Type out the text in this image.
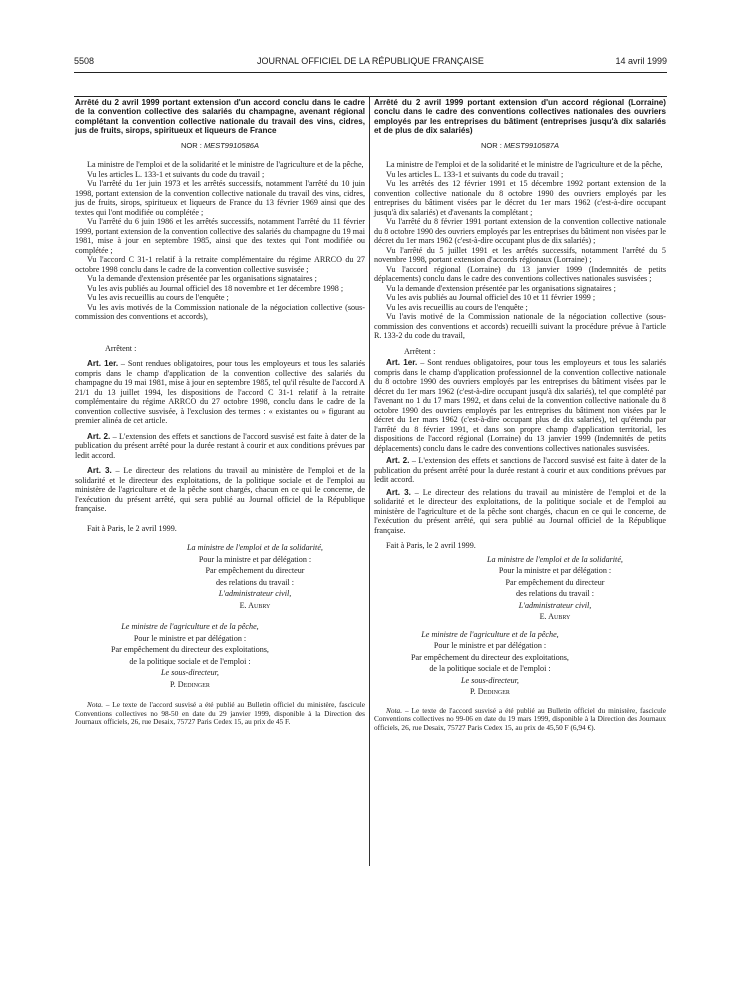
5508	JOURNAL OFFICIEL DE LA RÉPUBLIQUE FRANÇAISE	14 avril 1999
Arrêté du 2 avril 1999 portant extension d'un accord conclu dans le cadre de la convention collective des salariés du champagne, avenant régional complétant la convention collective nationale du travail des vins, cidres, jus de fruits, sirops, spiritueux et liqueurs de France
NOR : MEST9910586A

La ministre de l'emploi et de la solidarité et le ministre de l'agriculture et de la pêche,

Vu les articles L. 133-1 et suivants du code du travail ;

Vu l'arrêté du 1er juin 1973 et les arrêtés successifs, notamment l'arrêté du 10 juin 1998, portant extension de la convention collective nationale du travail des vins, cidres, jus de fruits, sirops, spiritueux et liqueurs de France du 13 février 1969 ainsi que des textes qui l'ont modifiée ou complétée ;

Vu l'arrêté du 6 juin 1986 et les arrêtés successifs, notamment l'arrêté du 11 février 1999, portant extension de la convention collective des salariés du champagne du 19 mai 1981, mise à jour en septembre 1985, ainsi que des textes qui l'ont modifiée ou complétée ;

Vu l'accord C 31-1 relatif à la retraite complémentaire du régime ARRCO du 27 octobre 1998 conclu dans le cadre de la convention collective susvisée ;

Vu la demande d'extension présentée par les organisations signataires ;

Vu les avis publiés au Journal officiel des 18 novembre et 1er décembre 1998 ;

Vu les avis recueillis au cours de l'enquête ;

Vu les avis motivés de la Commission nationale de la négociation collective (sous-commission des conventions et accords),

Arrêtent :

Art. 1er. – Sont rendues obligatoires, pour tous les employeurs et tous les salariés compris dans le champ d'application de la convention collective des salariés du champagne du 19 mai 1981, mise à jour en septembre 1985, tel qu'il résulte de l'accord A 21/1 du 13 juillet 1994, les dispositions de l'accord C 31-1 relatif à la retraite complémentaire du régime ARRCO du 27 octobre 1998, conclu dans le cadre de la convention collective susvisée, à l'exclusion des termes : « existantes ou » figurant au premier alinéa de cet article.

Art. 2. – L'extension des effets et sanctions de l'accord susvisé est faite à dater de la publication du présent arrêté pour la durée restant à courir et aux conditions prévues par ledit accord.

Art. 3. – Le directeur des relations du travail au ministère de l'emploi et de la solidarité et le directeur des exploitations, de la politique sociale et de l'emploi au ministère de l'agriculture et de la pêche sont chargés, chacun en ce qui le concerne, de l'exécution du présent arrêté, qui sera publié au Journal officiel de la République française.

Fait à Paris, le 2 avril 1999.

La ministre de l'emploi et de la solidarité,
Pour la ministre et par délégation :
Par empêchement du directeur
des relations du travail :
L'administrateur civil,
E. Aubry
Le ministre de l'agriculture et de la pêche,
Pour le ministre et par délégation :
Par empêchement du directeur des exploitations,
de la politique sociale et de l'emploi :
Le sous-directeur,
P. Dedinger

Nota. – Le texte de l'accord susvisé a été publié au Bulletin officiel du ministère, fascicule Conventions collectives no 98-50 en date du 29 janvier 1999, disponible à la Direction des Journaux officiels, 26, rue Desaix, 75727 Paris Cedex 15, au prix de 45 F.

Arrêté du 2 avril 1999 portant extension d'un accord régional (Lorraine) conclu dans le cadre des conventions collectives nationales des ouvriers employés par les entreprises du bâtiment (entreprises jusqu'à dix salariés et de plus de dix salariés)
NOR : MEST9910587A

La ministre de l'emploi et de la solidarité et le ministre de l'agriculture et de la pêche,

Vu les articles L. 133-1 et suivants du code du travail ;

Vu les arrêtés des 12 février 1991 et 15 décembre 1992 portant extension de la convention collective nationale du 8 octobre 1990 des ouvriers employés par les entreprises du bâtiment visées par le décret du 1er mars 1962 (c'est-à-dire occupant jusqu'à dix salariés) et d'avenants la complétant ;

Vu l'arrêté du 8 février 1991 portant extension de la convention collective nationale du 8 octobre 1990 des ouvriers employés par les entreprises du bâtiment non visées par le décret du 1er mars 1962 (c'est-à-dire occupant plus de dix salariés) ;

Vu l'arrêté du 5 juillet 1991 et les arrêtés successifs, notamment l'arrêté du 5 novembre 1998, portant extension d'accords régionaux (Lorraine) ;

Vu l'accord régional (Lorraine) du 13 janvier 1999 (Indemnités de petits déplacements) conclu dans le cadre des conventions collectives nationales susvisées ;

Vu la demande d'extension présentée par les organisations signataires ;

Vu les avis publiés au Journal officiel des 10 et 11 février 1999 ;

Vu les avis recueillis au cours de l'enquête ;

Vu l'avis motivé de la Commission nationale de la négociation collective (sous-commission des conventions et accords) recueilli suivant la procédure prévue à l'article R. 133-2 du code du travail,

Arrêtent :

Art. 1er. – Sont rendues obligatoires, pour tous les employeurs et tous les salariés compris dans le champ d'application professionnel de la convention collective nationale du 8 octobre 1990 des ouvriers employés par les entreprises du bâtiment visées par le décret du 1er mars 1962 (c'est-à-dire occupant jusqu'à dix salariés), tel que complété par l'avenant no 1 du 17 mars 1992, et dans celui de la convention collective nationale du 8 octobre 1990 des ouvriers employés par les entreprises du bâtiment non visées par le décret du 1er mars 1962 (c'est-à-dire occupant plus de dix salariés), tel qu'étendu par l'arrêté du 8 février 1991, et dans son propre champ d'application territorial, les dispositions de l'accord régional (Lorraine) du 13 janvier 1999 (Indemnités de petits déplacements) conclu dans le cadre des conventions collectives nationales susvisées.

Art. 2. – L'extension des effets et sanctions de l'accord susvisé est faite à dater de la publication du présent arrêté pour la durée restant à courir et aux conditions prévues par ledit accord.

Art. 3. – Le directeur des relations du travail au ministère de l'emploi et de la solidarité et le directeur des exploitations, de la politique sociale et de l'emploi au ministère de l'agriculture et de la pêche sont chargés, chacun en ce qui le concerne, de l'exécution du présent arrêté, qui sera publié au Journal officiel de la République française.

Fait à Paris, le 2 avril 1999.

La ministre de l'emploi et de la solidarité,
Pour la ministre et par délégation :
Par empêchement du directeur
des relations du travail :
L'administrateur civil,
E. Aubry
Le ministre de l'agriculture et de la pêche,
Pour le ministre et par délégation :
Par empêchement du directeur des exploitations,
de la politique sociale et de l'emploi :
Le sous-directeur,
P. Dedinger

Nota. – Le texte de l'accord susvisé a été publié au Bulletin officiel du ministère, fascicule Conventions collectives no 99-06 en date du 19 mars 1999, disponible à la Direction des Journaux officiels, 26, rue Desaix, 75727 Paris Cedex 15, au prix de 45,50 F (6,94 €).
